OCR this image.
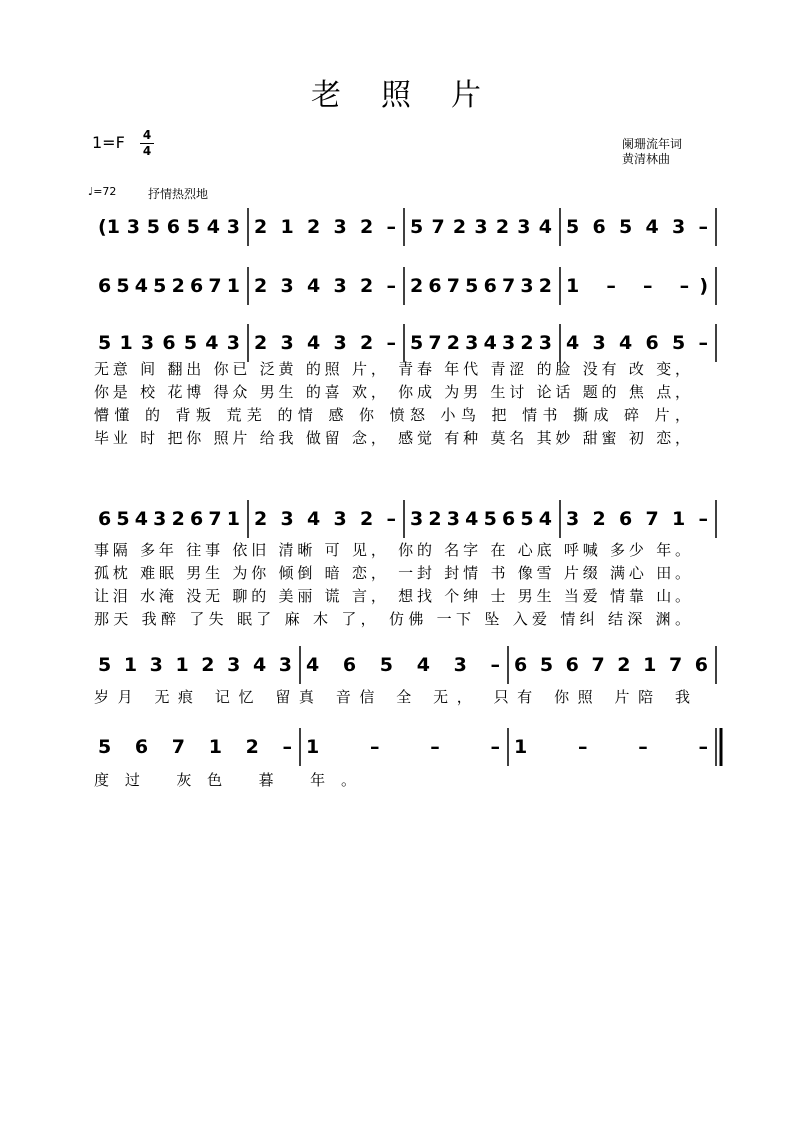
老照片
1=F 4
4	阑珊流年词
黄清林曲
♩=72	抒情热烈地
(1 3 5 6 5 4 3 2 1 2 3 2 – 5 7 2 3 2 3 4 5 6 5 4 3 –
6 5 4 5 2 6 7 1 2 3 4 3 2 – 2 6 7 5 6 7 3 2 1 – – –)
5 1 3 6 5 4 3 2 3 4 3 2 – 5 7 2 3 4 3 2 3 4 3 4 6 5 –
6 5 4 3 2 6 7 1 2 3 4 3 2 – 3 2 3 4 5 6 5 4 3 2 6 7 1 –
5 1 3 1 2 3 4 3 4 6 5 4 3 – 6 5 6 7 2 1 7 6
5 6 7 1 2 – 1 – – – 1 – – –
无意 间 翻出 你已 泛黄 的照 片， 青春 年代 青涩 的脸 没有 改 变，
你是 校 花博 得众 男生 的喜 欢， 你成 为男 生讨 论话 题的 焦 点，
懵懂 的 背叛 荒芜 的情 感 你 愤怒 小鸟 把 情书 撕成 碎 片，
毕业 时 把你 照片 给我 做留 念， 感觉 有种 莫名 其妙 甜蜜 初 恋，
事隔 多年 往事 依旧 清晰 可 见， 你的 名字 在 心底 呼喊 多少 年。
孤枕 难眠 男生 为你 倾倒 暗 恋， 一封 封情 书 像雪 片缀 满心 田。
让泪 水淹 没无 聊的 美丽 谎 言， 想找 个绅 士 男生 当爱 情靠 山。
那天 我醉 了失 眠了 麻 木 了， 仿佛 一下 坠 入爱 情纠 结深 渊。
岁月 无痕 记忆 留真 音信 全 无， 只有 你照 片陪 我
度过 灰色 暮 年。
